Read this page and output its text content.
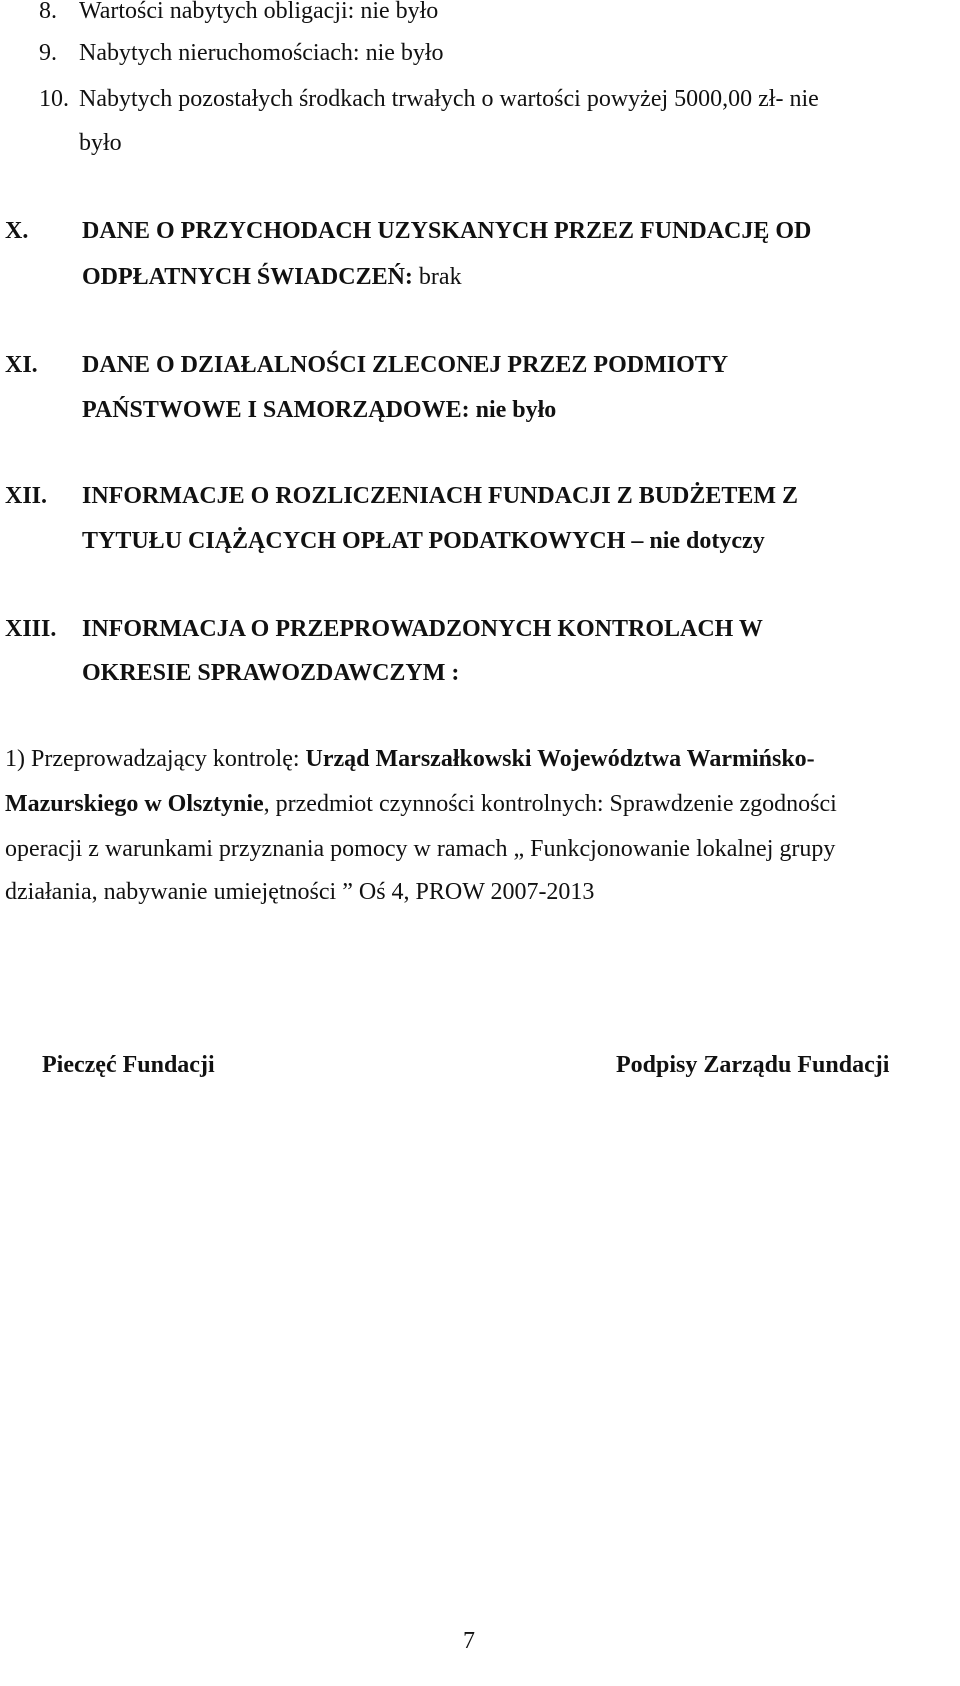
8. Wartości nabytych obligacji: nie było
9. Nabytych nieruchomościach: nie było
10. Nabytych pozostałych środkach trwałych o wartości powyżej 5000,00 zł- nie
było
X. DANE O PRZYCHODACH UZYSKANYCH PRZEZ FUNDACJĘ OD
ODPŁATNYCH ŚWIADCZEŃ: brak
XI. DANE O DZIAŁALNOŚCI ZLECONEJ PRZEZ PODMIOTY
PAŃSTWOWE I SAMORZĄDOWE: nie było
XII. INFORMACJE O ROZLICZENIACH FUNDACJI Z BUDŻETEM Z
TYTUŁU CIĄŻĄCYCH OPŁAT PODATKOWYCH – nie dotyczy
XIII. INFORMACJA O PRZEPROWADZONYCH KONTROLACH W
OKRESIE SPRAWOZDAWCZYM :
1) Przeprowadzający kontrolę: Urząd Marszałkowski Województwa Warmińsko-
Mazurskiego w Olsztynie, przedmiot czynności kontrolnych: Sprawdzenie zgodności
operacji z warunkami przyznania pomocy w ramach „ Funkcjonowanie lokalnej grupy
działania, nabywanie umiejętności ” Oś 4, PROW 2007-2013
Pieczęć Fundacji	Podpisy Zarządu Fundacji
7
